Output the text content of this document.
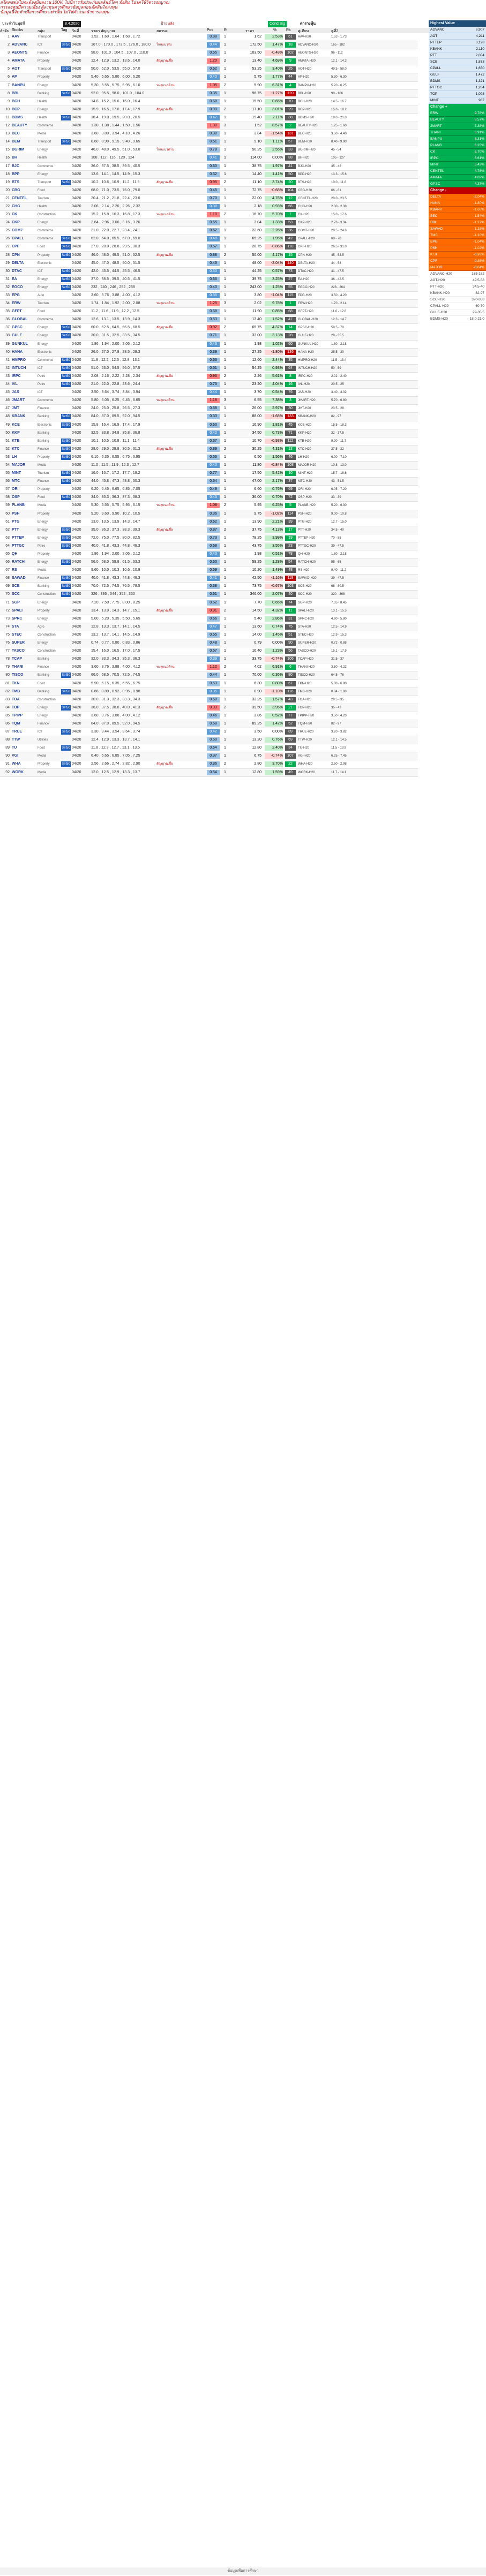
สโตคสต่อไปจะต้องมีผลงาน 100% ไม่มีการรับประกันผลลัพธ์ใดๆ ทั้งสิ้น โปรดใช้วิจารณญาณ
การลงทุนมีความเสี่ยง ผู้ลงทุนควรศึกษาข้อมูลก่อนตัดสินใจลงทุน
ข้อมูลนี้จัดทำเพื่อการศึกษาเท่านั้น ไม่ใช่คำแนะนำการลงทุน
ประจำวันพุธที่	8.4.2020	ป้ายหลัง	Cond.Sig	ตารางหุ้น
ลำดับ Stocks	กลุ่ม	Tag วันที่	ราคา สัญญาณ	สถานะ	Pos	R	ราคา	%	Rk คู่เทียบ	คู่ที่2
1 AAV	Transport	04/20	1.52 , 1.60 , 1.64 , 1.68 , 1.72	0.88	1	1.62	2.53%	61	AAV-H20	1.53 - 1.73
2 ADVANC	ICT	Set50 04/20	167.0 , 170.0 , 173.5 , 176.0 , 180.0	ใกล้แนวรับ	0.44	1	172.50	1.47%	18	ADVANC-H20	165 - 182
3 AEONTS	Finance	04/20	98.0 , 101.0 , 104.5 , 107.0 , 110.0	0.55	1	103.50	-0.48%	102	AEONTS-H20	96 - 112
4 AMATA	Property	04/20	12.4 , 12.9 , 13.2 , 13.6 , 14.0	สัญญาณซื้อ	1.20	2	13.40	4.69%	9	AMATA-H20	12.1 - 14.3
5 AOT	Transport	Set50 04/20	50.0 , 52.0 , 53.5 , 55.0 , 57.0	0.62	1	53.25	3.40%	25	AOT-H20	49.5 - 58.0
6 AP	Property	04/20	5.40 , 5.65 , 5.80 , 6.00 , 6.20	0.40	1	5.75	1.77%	44	AP-H20	5.30 - 6.30
7 BANPU	Energy	04/20	5.30 , 5.55 , 5.75 , 5.95 , 6.10	ทะลุแนวต้าน	1.05	2	5.90	6.31%	4	BANPU-H20	5.20 - 6.25
8 BBL	Banking	Set50 04/20	92.0 , 95.5 , 98.0 , 101.0 , 104.0	0.35	1	96.75	-1.27%	120	BBL-H20	90 - 106
9 BCH	Health	04/20	14.8 , 15.2 , 15.6 , 16.0 , 16.4	0.58	1	15.50	0.65%	70	BCH-H20	14.5 - 16.7
10 BCP	Energy	04/20	15.9 , 16.5 , 17.0 , 17.4 , 17.9	สัญญาณซื้อ	0.90	2	17.10	3.01%	29	BCP-H20	15.6 - 18.2
11 BDMS	Health	Set50 04/20	18.4 , 19.0 , 19.5 , 20.0 , 20.5	0.47	1	19.40	2.11%	38	BDMS-H20	18.0 - 21.0
12 BEAUTY	Commerce	04/20	1.30 , 1.38 , 1.44 , 1.50 , 1.56	1.30	3	1.52	8.57%	2	BEAUTY-H20	1.25 - 1.60
13 BEC	Media	04/20	3.60 , 3.80 , 3.94 , 4.10 , 4.26	0.30	1	3.84	-1.54%	131	BEC-H20	3.50 - 4.40
14 BEM	Transport	Set50 04/20	8.60 , 8.90 , 9.15 , 9.40 , 9.65	0.51	1	9.10	1.11%	57	BEM-H20	8.40 - 9.90
15 BGRIM	Energy	04/20	46.0 , 48.0 , 49.5 , 51.0 , 53.0	ใกล้แนวต้าน	0.78	1	50.25	2.55%	33	BGRIM-H20	45 - 54
16 BH	Health	04/20	108 , 112 , 116 , 120 , 124	0.41	1	114.00	0.00%	88	BH-H20	105 - 127
17 BJC	Commerce	04/20	36.0 , 37.5 , 38.5 , 39.5 , 40.5	0.60	1	38.75	1.97%	41	BJC-H20	35 - 42
18 BPP	Energy	04/20	13.6 , 14.1 , 14.5 , 14.9 , 15.3	0.52	1	14.40	1.41%	50	BPP-H20	13.3 - 15.6
19 BTS	Transport	Set50 04/20	10.2 , 10.6 , 10.9 , 11.2 , 11.5	สัญญาณซื้อ	0.95	2	11.10	3.74%	20	BTS-H20	10.0 - 11.8
20 CBG	Food	04/20	68.0 , 71.0 , 73.5 , 76.0 , 79.0	0.45	1	72.75	-0.68%	104	CBG-H20	66 - 81
21 CENTEL	Tourism	04/20	20.4 , 21.2 , 21.8 , 22.4 , 23.0	0.70	1	22.00	4.76%	12	CENTEL-H20	20.0 - 23.5
22 CHG	Health	04/20	2.06 , 2.14 , 2.20 , 2.26 , 2.32	0.38	1	2.18	0.93%	66	CHG-H20	2.00 - 2.38
23 CK	Construction	04/20	15.2 , 15.8 , 16.3 , 16.8 , 17.3	ทะลุแนวต้าน	1.10	2	16.70	5.70%	7	CK-H20	15.0 - 17.6
24 CKP	Energy	04/20	2.84 , 2.96 , 3.06 , 3.16 , 3.26	0.55	1	3.04	1.33%	53	CKP-H20	2.76 - 3.34
25 COM7	Commerce	04/20	21.0 , 22.0 , 22.7 , 23.4 , 24.1	0.62	1	22.60	2.26%	36	COM7-H20	20.5 - 24.6
26 CPALL	Commerce	Set50 04/20	62.0 , 64.0 , 65.5 , 67.0 , 69.0	0.48	1	65.25	1.95%	42	CPALL-H20	60 - 70
27 CPF	Food	Set50 04/20	27.0 , 28.0 , 28.8 , 29.5 , 30.3	0.57	1	28.75	-0.86%	110	CPF-H20	26.5 - 31.0
28 CPN	Property	Set50 04/20	46.0 , 48.0 , 49.5 , 51.0 , 52.5	สัญญาณซื้อ	0.88	2	50.00	4.17%	15	CPN-H20	45 - 53.5
29 DELTA	Electronic	04/20	45.0 , 47.0 , 48.5 , 50.0 , 51.5	0.43	1	48.00	-2.04%	140	DELTA-H20	44 - 53
30 DTAC	ICT	Set50 04/20	42.0 , 43.5 , 44.5 , 45.5 , 46.5	0.50	1	44.25	0.57%	73	DTAC-H20	41 - 47.5
31 EA	Energy	Set50 04/20	37.0 , 38.5 , 39.5 , 40.5 , 41.5	0.66	1	39.75	3.25%	27	EA-H20	36 - 42.5
32 EGCO	Energy	Set50 04/20	232 , 240 , 246 , 252 , 258	0.40	1	243.00	1.25%	55	EGCO-H20	228 - 264
33 EPG	Auto	04/20	3.60 , 3.76 , 3.88 , 4.00 , 4.12	0.35	1	3.80	-1.04%	115	EPG-H20	3.50 - 4.20
34 ERW	Tourism	04/20	1.74 , 1.84 , 1.92 , 2.00 , 2.08	ทะลุแนวต้าน	1.25	3	2.02	9.78%	1	ERW-H20	1.70 - 2.14
35 GFPT	Food	04/20	11.2 , 11.6 , 11.9 , 12.2 , 12.5	0.58	1	11.90	0.85%	68	GFPT-H20	11.0 - 12.8
36 GLOBAL	Commerce	04/20	12.6 , 13.1 , 13.5 , 13.9 , 14.3	0.53	1	13.40	1.52%	47	GLOBAL-H20	12.3 - 14.7
37 GPSC	Energy	Set50 04/20	60.0 , 62.5 , 64.5 , 66.5 , 68.5	สัญญาณซื้อ	0.92	2	65.75	4.37%	14	GPSC-H20	58.5 - 70
38 GULF	Energy	Set50 04/20	30.0 , 31.5 , 32.5 , 33.5 , 34.5	0.71	1	33.00	3.13%	28	GULF-H20	29 - 35.5
39 GUNKUL	Energy	04/20	1.86 , 1.94 , 2.00 , 2.06 , 2.12	0.46	1	1.98	1.02%	60	GUNKUL-H20	1.80 - 2.18
40 HANA	Electronic	04/20	26.0 , 27.0 , 27.8 , 28.5 , 29.3	0.39	1	27.25	-1.80%	136	HANA-H20	25.5 - 30
41 HMPRO	Commerce	Set50 04/20	11.8 , 12.2 , 12.5 , 12.8 , 13.1	0.63	1	12.60	2.44%	35	HMPRO-H20	11.5 - 13.4
42 INTUCH	ICT	Set50 04/20	51.0 , 53.0 , 54.5 , 56.0 , 57.5	0.51	1	54.25	0.93%	64	INTUCH-H20	50 - 59
43 IRPC	Petro	Set50 04/20	2.08 , 2.16 , 2.22 , 2.28 , 2.34	สัญญาณซื้อ	0.96	2	2.26	5.61%	8	IRPC-H20	2.02 - 2.40
44 IVL	Petro	Set50 04/20	21.0 , 22.0 , 22.8 , 23.6 , 24.4	0.75	1	23.20	4.04%	16	IVL-H20	20.5 - 25
45 JAS	ICT	04/20	3.50 , 3.64 , 3.74 , 3.84 , 3.94	0.44	1	3.70	0.54%	76	JAS-H20	3.40 - 4.02
46 JMART	Commerce	04/20	5.80 , 6.05 , 6.25 , 6.45 , 6.65	ทะลุแนวต้าน	1.18	3	6.55	7.38%	3	JMART-H20	5.70 - 6.80
47 JMT	Finance	04/20	24.0 , 25.0 , 25.8 , 26.5 , 27.3	0.68	1	26.00	2.97%	30	JMT-H20	23.5 - 28
48 KBANK	Banking	Set50 04/20	84.0 , 87.0 , 89.5 , 92.0 , 94.5	0.33	1	88.00	-1.68%	133	KBANK-H20	82 - 97
49 KCE	Electronic	Set50 04/20	15.8 , 16.4 , 16.9 , 17.4 , 17.9	0.60	1	16.90	1.81%	45	KCE-H20	15.5 - 18.3
50 KKP	Banking	04/20	32.5 , 33.8 , 34.8 , 35.8 , 36.8	0.42	1	34.50	0.73%	71	KKP-H20	32 - 37.5
51 KTB	Banking	Set50 04/20	10.1 , 10.5 , 10.8 , 11.1 , 11.4	0.37	1	10.70	-0.93%	112	KTB-H20	9.90 - 11.7
52 KTC	Finance	Set50 04/20	28.0 , 29.0 , 29.8 , 30.5 , 31.3	สัญญาณซื้อ	0.89	2	30.25	4.31%	13	KTC-H20	27.5 - 32
53 LH	Property	Set50 04/20	6.10 , 6.35 , 6.55 , 6.75 , 6.95	0.56	1	6.50	1.56%	46	LH-H20	6.00 - 7.10
54 MAJOR	Media	04/20	11.0 , 11.5 , 11.9 , 12.3 , 12.7	0.40	1	11.80	-0.84%	108	MAJOR-H20	10.8 - 13.0
55 MINT	Tourism	Set50 04/20	16.0 , 16.7 , 17.2 , 17.7 , 18.2	0.77	1	17.50	5.42%	10	MINT-H20	15.7 - 18.6
56 MTC	Finance	Set50 04/20	44.0 , 45.8 , 47.3 , 48.8 , 50.3	0.64	1	47.00	2.17%	37	MTC-H20	43 - 51.5
57 ORI	Property	04/20	6.20 , 6.45 , 6.65 , 6.85 , 7.05	0.49	1	6.60	0.76%	69	ORI-H20	6.05 - 7.20
58 OSP	Food	Set50 04/20	34.0 , 35.3 , 36.3 , 37.3 , 38.3	0.45	1	36.00	0.70%	72	OSP-H20	33 - 39
59 PLANB	Media	04/20	5.30 , 5.55 , 5.75 , 5.95 , 6.15	ทะลุแนวต้าน	1.08	2	5.95	6.25%	5	PLANB-H20	5.20 - 6.30
60 PSH	Property	04/20	9.20 , 9.60 , 9.90 , 10.2 , 10.5	0.36	1	9.75	-1.02%	114	PSH-H20	9.00 - 10.8
61 PTG	Energy	04/20	13.0 , 13.5 , 13.9 , 14.3 , 14.7	0.62	1	13.90	2.21%	39	PTG-H20	12.7 - 15.0
62 PTT	Energy	Set50 04/20	35.0 , 36.3 , 37.3 , 38.3 , 39.3	สัญญาณซื้อ	0.87	2	37.75	4.13%	17	PTT-H20	34.5 - 40
63 PTTEP	Energy	Set50 04/20	72.0 , 75.0 , 77.5 , 80.0 , 82.5	0.73	1	78.25	3.99%	19	PTTEP-H20	70 - 85
64 PTTGC	Petro	Set50 04/20	40.0 , 41.8 , 43.3 , 44.8 , 46.3	0.68	1	43.75	3.55%	23	PTTGC-H20	39 - 47.5
65 QH	Property	04/20	1.86 , 1.94 , 2.00 , 2.06 , 2.12	0.43	1	1.98	0.51%	78	QH-H20	1.80 - 2.18
66 RATCH	Energy	Set50 04/20	56.0 , 58.0 , 59.8 , 61.5 , 63.3	0.50	1	59.25	1.28%	54	RATCH-H20	55 - 65
67 RS	Media	04/20	9.60 , 10.0 , 10.3 , 10.6 , 10.9	0.59	1	10.20	1.49%	48	RS-H20	9.40 - 11.2
68 SAWAD	Finance	Set50 04/20	40.0 , 41.8 , 43.3 , 44.8 , 46.3	0.41	1	42.50	-1.16%	118	SAWAD-H20	39 - 47.5
69 SCB	Banking	Set50 04/20	70.0 , 72.5 , 74.5 , 76.5 , 78.5	0.38	1	73.75	-0.67%	103	SCB-H20	68 - 80.5
70 SCC	Construction	Set50 04/20	326 , 336 , 344 , 352 , 360	0.61	1	346.00	2.07%	40	SCC-H20	320 - 368
71 SGP	Energy	04/20	7.20 , 7.50 , 7.75 , 8.00 , 8.25	0.52	1	7.70	0.65%	74	SGP-H20	7.05 - 8.45
72 SPALI	Property	04/20	13.4 , 13.9 , 14.3 , 14.7 , 15.1	สัญญาณซื้อ	0.91	2	14.50	4.32%	11	SPALI-H20	13.1 - 15.5
73 SPRC	Energy	04/20	5.00 , 5.20 , 5.35 , 5.50 , 5.65	0.66	1	5.40	2.86%	31	SPRC-H20	4.90 - 5.80
74 STA	Agro	04/20	12.8 , 13.3 , 13.7 , 14.1 , 14.5	0.47	1	13.60	0.74%	75	STA-H20	12.5 - 14.9
75 STEC	Construction	04/20	13.2 , 13.7 , 14.1 , 14.5 , 14.9	0.55	1	14.00	1.45%	51	STEC-H20	12.9 - 15.3
76 SUPER	Energy	04/20	0.74 , 0.77 , 0.80 , 0.83 , 0.86	0.48	1	0.79	0.00%	90	SUPER-H20	0.72 - 0.88
77 TASCO	Construction	04/20	15.4 , 16.0 , 16.5 , 17.0 , 17.5	0.57	1	16.40	1.23%	56	TASCO-H20	15.1 - 17.9
78 TCAP	Banking	04/20	32.0 , 33.3 , 34.3 , 35.3 , 36.3	0.39	1	33.75	-0.74%	106	TCAP-H20	31.5 - 37
79 THANI	Finance	04/20	3.60 , 3.76 , 3.88 , 4.00 , 4.12	ทะลุแนวต้าน	1.12	2	4.02	6.91%	6	THANI-H20	3.50 - 4.22
80 TISCO	Banking	Set50 04/20	66.0 , 68.5 , 70.5 , 72.5 , 74.5	0.44	1	70.00	0.36%	80	TISCO-H20	64.5 - 76
81 TKN	Food	04/20	5.90 , 6.15 , 6.35 , 6.55 , 6.75	0.53	1	6.30	0.80%	67	TKN-H20	5.80 - 6.90
82 TMB	Banking	Set50 04/20	0.86 , 0.89 , 0.92 , 0.95 , 0.98	0.35	1	0.90	-1.10%	116	TMB-H20	0.84 - 1.00
83 TOA	Construction	04/20	30.0 , 31.3 , 32.3 , 33.3 , 34.3	0.60	1	32.25	1.57%	43	TOA-H20	29.5 - 35
84 TOP	Energy	Set50 04/20	36.0 , 37.5 , 38.8 , 40.0 , 41.3	สัญญาณซื้อ	0.93	2	39.50	3.95%	21	TOP-H20	35 - 42
85 TPIPP	Energy	04/20	3.60 , 3.76 , 3.88 , 4.00 , 4.12	0.46	1	3.86	0.52%	77	TPIPP-H20	3.50 - 4.20
86 TQM	Finance	04/20	84.0 , 87.0 , 89.5 , 92.0 , 94.5	0.58	1	89.25	1.42%	52	TQM-H20	82 - 97
87 TRUE	ICT	Set50 04/20	3.30 , 3.44 , 3.54 , 3.64 , 3.74	0.42	1	3.50	0.00%	89	TRUE-H20	3.20 - 3.82
88 TTW	Utilities	04/20	12.4 , 12.9 , 13.3 , 13.7 , 14.1	0.50	1	13.20	0.76%	69	TTW-H20	12.1 - 14.5
89 TU	Food	Set50 04/20	11.8 , 12.3 , 12.7 , 13.1 , 13.5	0.64	1	12.80	2.40%	34	TU-H20	11.5 - 13.9
90 VGI	Media	04/20	6.40 , 6.65 , 6.85 , 7.05 , 7.25	0.37	1	6.75	-0.74%	107	VGI-H20	6.25 - 7.45
91 WHA	Property	Set50 04/20	2.56 , 2.66 , 2.74 , 2.82 , 2.90	สัญญาณซื้อ	0.86	2	2.80	3.70%	22	WHA-H20	2.50 - 2.98
92 WORK	Media	04/20	12.0 , 12.5 , 12.9 , 13.3 , 13.7	0.54	1	12.80	1.59%	49	WORK-H20	11.7 - 14.1
Highest Value
ADVANC	6,907
AOT	4,211
PTTEP	3,198
KBANK	2,110
PTT	2,004
SCB	1,873
CPALL	1,650
GULF	1,472
BDMS	1,321
PTTGC	1,204
TOP	1,098
MINT	987
Change +
ERW	9.78%
BEAUTY	8.57%
JMART	7.38%
THANI	6.91%
BANPU	6.31%
PLANB	6.25%
CK	5.70%
IRPC	5.61%
MINT	5.42%
CENTEL	4.76%
AMATA	4.69%
GPSC	4.37%
Change -
DELTA	-2.04%
HANA	-1.80%
KBANK	-1.68%
BEC	-1.54%
BBL	-1.27%
SAWAD	-1.16%
TMB	-1.10%
EPG	-1.04%
PSH	-1.02%
KTB	-0.93%
CPF	-0.86%
MAJOR	-0.84%
ADVANC-H20	165-182
AOT-H20	49.5-58
PTT-H20	34.5-40
KBANK-H20	82-97
SCC-H20	320-368
CPALL-H20	60-70
GULF-H20	29-35.5
BDMS-H20	18.0-21.0
ข้อมูลเพื่อการศึกษา
